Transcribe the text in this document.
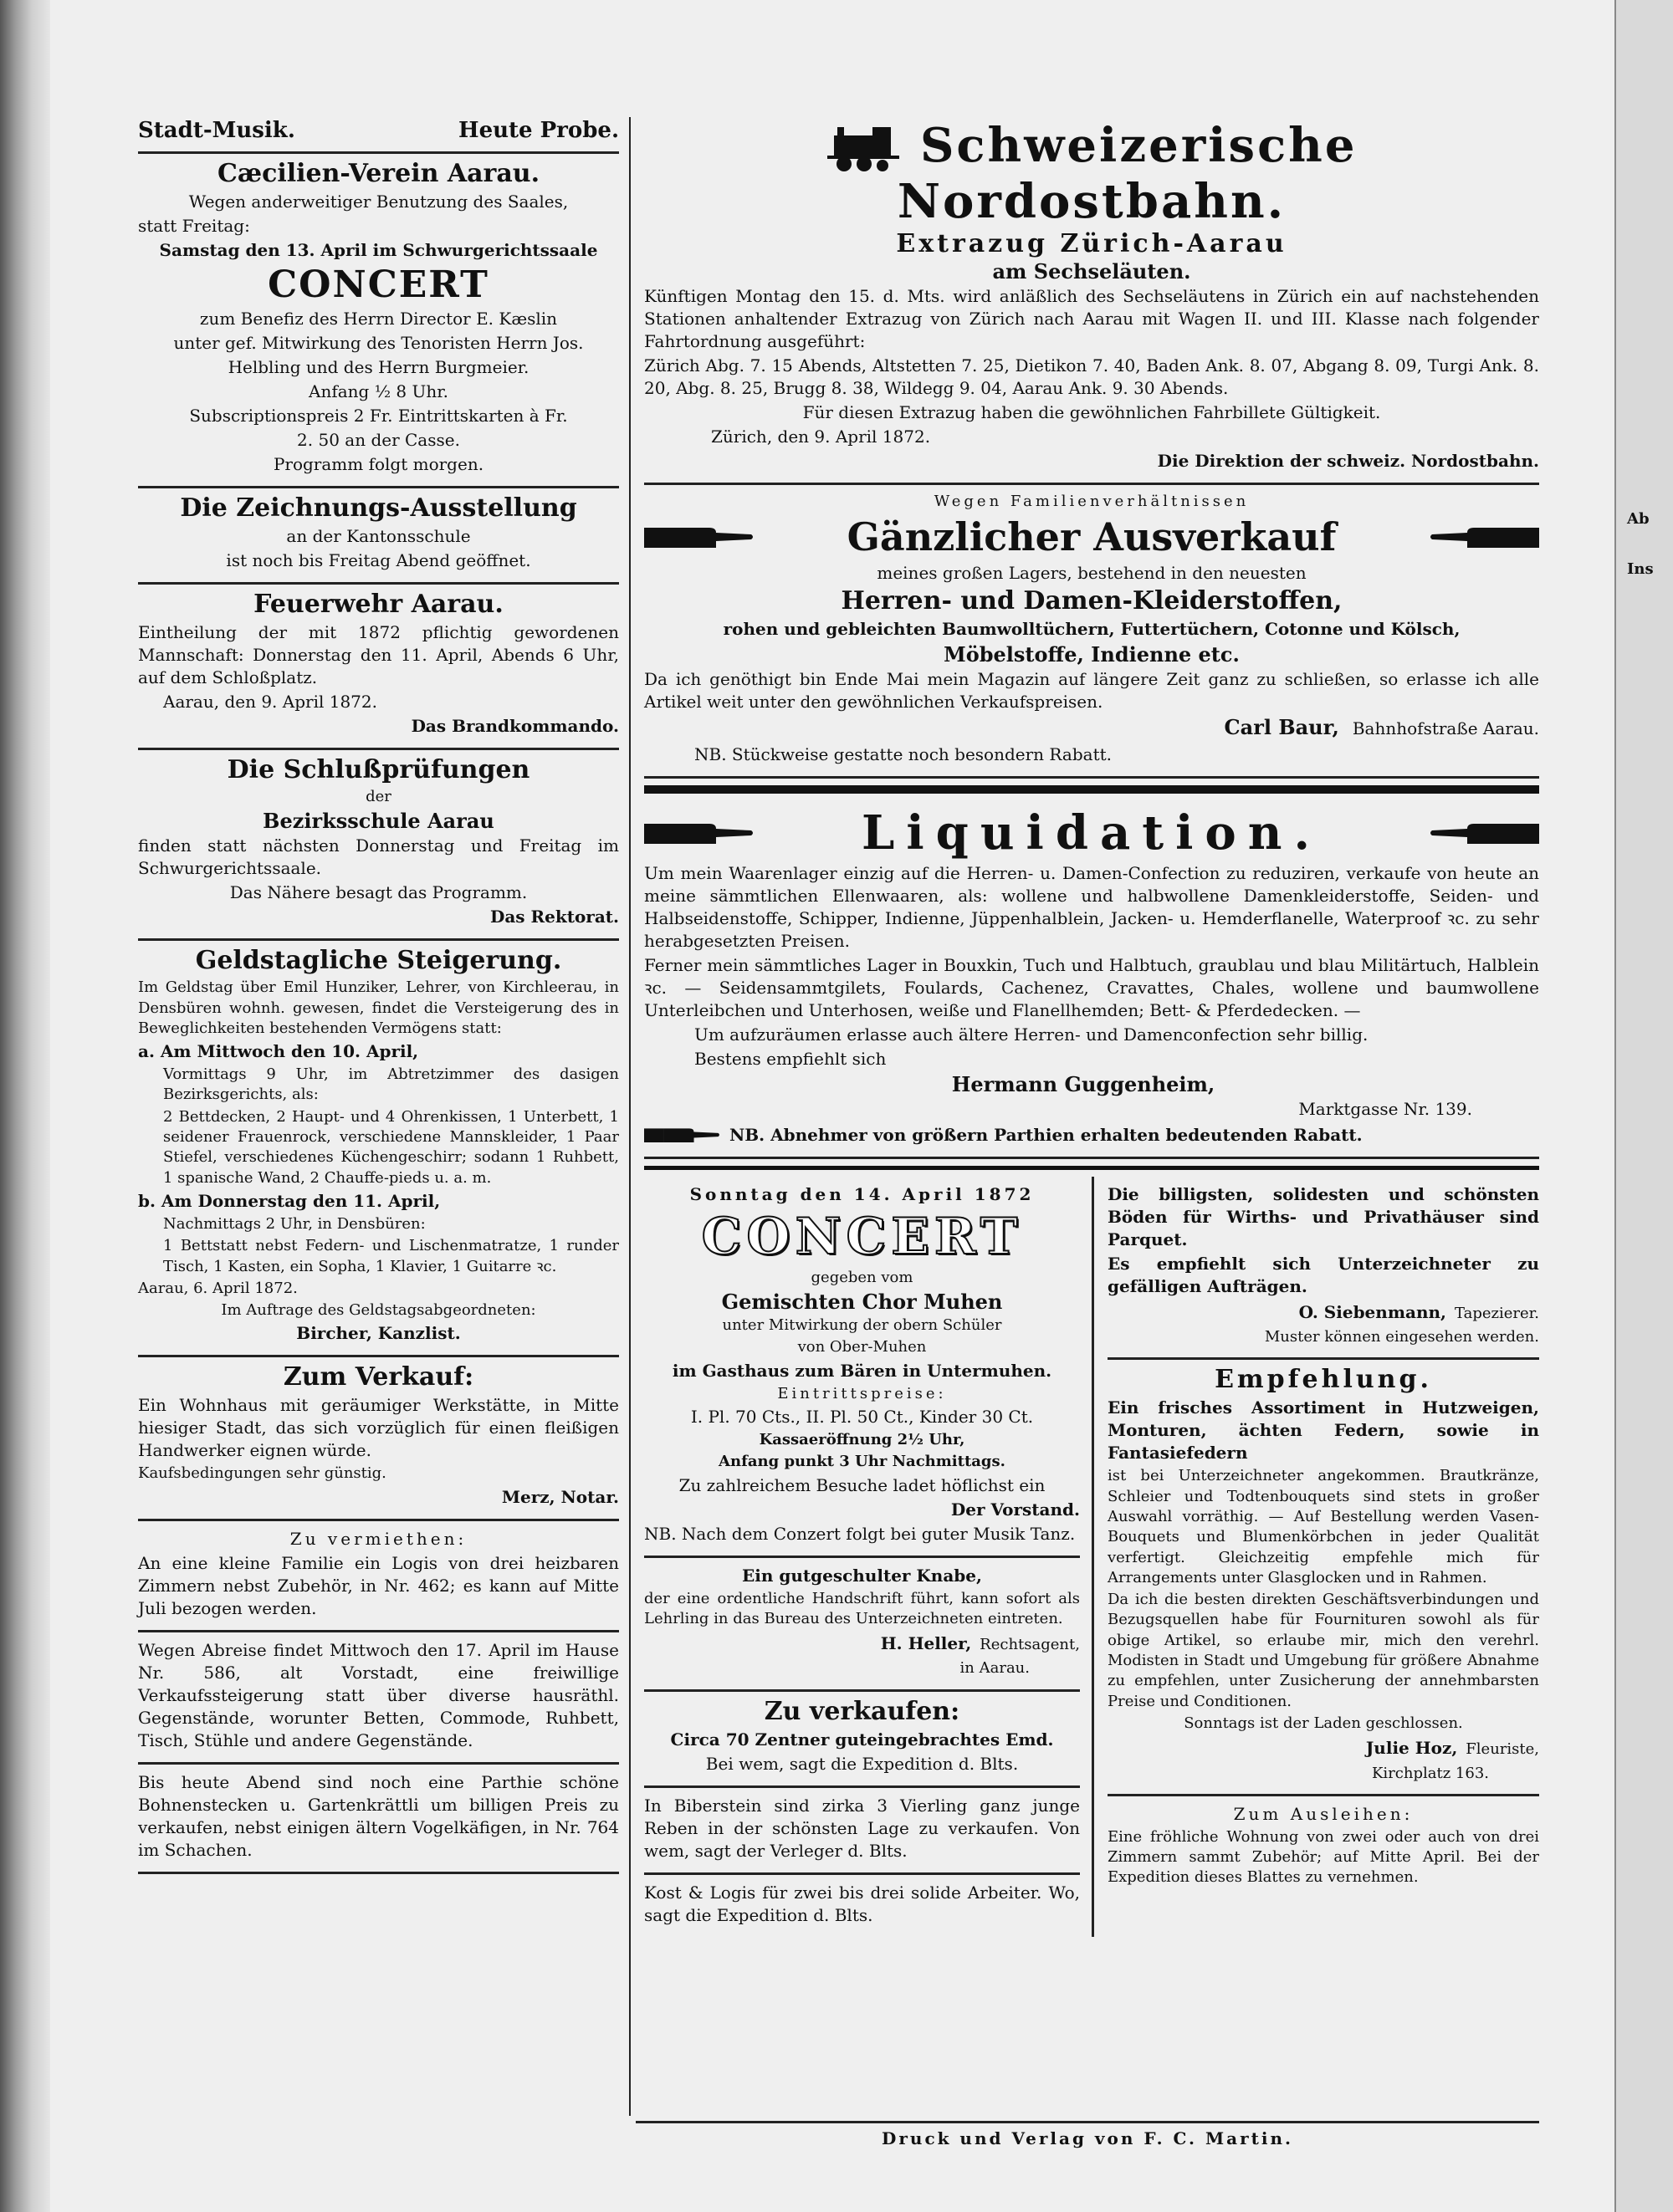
Ab
Ins
Stadt-Musik.	Heute Probe.
Cæcilien-Verein Aarau.
Wegen anderweitiger Benutzung des Saales,
statt Freitag:
Samstag den 13. April im Schwurgerichtssaale
CONCERT
zum Benefiz des Herrn Director E. Kæslin
unter gef. Mitwirkung des Tenoristen Herrn Jos.
Helbling und des Herrn Burgmeier.
Anfang ½ 8 Uhr.
Subscriptionspreis 2 Fr. Eintrittskarten à Fr.
2. 50 an der Casse.
Programm folgt morgen.
Die Zeichnungs-Ausstellung
an der Kantonsschule
ist noch bis Freitag Abend geöffnet.
Feuerwehr Aarau.
Eintheilung der mit 1872 pflichtig gewordenen Mannschaft: Donnerstag den 11. April, Abends 6 Uhr, auf dem Schloßplatz.
Aarau, den 9. April 1872.
Das Brandkommando.
Die Schlußprüfungen
der
Bezirksschule Aarau
finden statt nächsten Donnerstag und Freitag im Schwurgerichtssaale.
Das Nähere besagt das Programm.
Das Rektorat.
Geldstagliche Steigerung.
Im Geldstag über Emil Hunziker, Lehrer, von Kirchleerau, in Densbüren wohnh. gewesen, findet die Versteigerung des in Beweglichkeiten bestehenden Vermögens statt:
a. Am Mittwoch den 10. April,
Vormittags 9 Uhr, im Abtretzimmer des dasigen Bezirksgerichts, als:
2 Bettdecken, 2 Haupt- und 4 Ohrenkissen, 1 Unterbett, 1 seidener Frauenrock, verschiedene Mannskleider, 1 Paar Stiefel, verschiedenes Küchengeschirr; sodann 1 Ruhbett, 1 spanische Wand, 2 Chauffe-pieds u. a. m.
b. Am Donnerstag den 11. April,
Nachmittags 2 Uhr, in Densbüren:
1 Bettstatt nebst Federn- und Lischenmatratze, 1 runder Tisch, 1 Kasten, ein Sopha, 1 Klavier, 1 Guitarre ꝛc.
Aarau, 6. April 1872.
Im Auftrage des Geldstagsabgeordneten:
Bircher, Kanzlist.
Zum Verkauf:
Ein Wohnhaus mit geräumiger Werkstätte, in Mitte hiesiger Stadt, das sich vorzüglich für einen fleißigen Handwerker eignen würde.
Kaufsbedingungen sehr günstig.
Merz, Notar.
Zu vermiethen:
An eine kleine Familie ein Logis von drei heizbaren Zimmern nebst Zubehör, in Nr. 462; es kann auf Mitte Juli bezogen werden.
Wegen Abreise findet Mittwoch den 17. April im Hause Nr. 586, alt Vorstadt, eine freiwillige Verkaufssteigerung statt über diverse hausräthl. Gegenstände, worunter Betten, Commode, Ruhbett, Tisch, Stühle und andere Gegenstände.
Bis heute Abend sind noch eine Parthie schöne Bohnenstecken u. Gartenkrättli um billigen Preis zu verkaufen, nebst einigen ältern Vogelkäfigen, in Nr. 764 im Schachen.
Schweizerische Nordostbahn.
Extrazug Zürich-Aarau
am Sechseläuten.
Künftigen Montag den 15. d. Mts. wird anläßlich des Sechseläutens in Zürich ein auf nachstehenden Stationen anhaltender Extrazug von Zürich nach Aarau mit Wagen II. und III. Klasse nach folgender Fahrtordnung ausgeführt:
Zürich Abg. 7. 15 Abends, Altstetten 7. 25, Dietikon 7. 40, Baden Ank. 8. 07, Abgang 8. 09, Turgi Ank. 8. 20, Abg. 8. 25, Brugg 8. 38, Wildegg 9. 04, Aarau Ank. 9. 30 Abends.
Für diesen Extrazug haben die gewöhnlichen Fahrbillete Gültigkeit.
Zürich, den 9. April 1872.
Die Direktion der schweiz. Nordostbahn.
Wegen Familienverhältnissen
Gänzlicher Ausverkauf
meines großen Lagers, bestehend in den neuesten
Herren- und Damen-Kleiderstoffen,
rohen und gebleichten Baumwolltüchern, Futtertüchern, Cotonne und Kölsch,
Möbelstoffe, Indienne etc.
Da ich genöthigt bin Ende Mai mein Magazin auf längere Zeit ganz zu schließen, so erlasse ich alle Artikel weit unter den gewöhnlichen Verkaufspreisen.
Carl Baur, Bahnhofstraße Aarau.
NB. Stückweise gestatte noch besondern Rabatt.
Liquidation.
Um mein Waarenlager einzig auf die Herren- u. Damen-Confection zu reduziren, verkaufe von heute an meine sämmtlichen Ellenwaaren, als: wollene und halbwollene Damenkleiderstoffe, Seiden- und Halbseidenstoffe, Schipper, Indienne, Jüppenhalblein, Jacken- u. Hemderflanelle, Waterproof ꝛc. zu sehr herabgesetzten Preisen.
Ferner mein sämmtliches Lager in Bouxkin, Tuch und Halbtuch, graublau und blau Militärtuch, Halblein ꝛc. — Seidensammtgilets, Foulards, Cachenez, Cravattes, Chales, wollene und baumwollene Unterleibchen und Unterhosen, weiße und Flanellhemden; Bett- & Pferdedecken. —
Um aufzuräumen erlasse auch ältere Herren- und Damenconfection sehr billig.
Bestens empfiehlt sich
Hermann Guggenheim,
Marktgasse Nr. 139.
NB. Abnehmer von größern Parthien erhalten bedeutenden Rabatt.
Sonntag den 14. April 1872
CONCERT
gegeben vom
Gemischten Chor Muhen
unter Mitwirkung der obern Schüler
von Ober-Muhen
im Gasthaus zum Bären in Untermuhen.
Eintrittspreise:
I. Pl. 70 Cts., II. Pl. 50 Ct., Kinder 30 Ct.
Kassaeröffnung 2½ Uhr,
Anfang punkt 3 Uhr Nachmittags.
Zu zahlreichem Besuche ladet höflichst ein
Der Vorstand.
NB. Nach dem Conzert folgt bei guter Musik Tanz.
Ein gutgeschulter Knabe,
der eine ordentliche Handschrift führt, kann sofort als Lehrling in das Bureau des Unterzeichneten eintreten.
H. Heller, Rechtsagent,
in Aarau.
Zu verkaufen:
Circa 70 Zentner guteingebrachtes Emd.
Bei wem, sagt die Expedition d. Blts.
In Biberstein sind zirka 3 Vierling ganz junge Reben in der schönsten Lage zu verkaufen. Von wem, sagt der Verleger d. Blts.
Kost & Logis für zwei bis drei solide Arbeiter. Wo, sagt die Expedition d. Blts.
Die billigsten, solidesten und schönsten Böden für Wirths- und Privathäuser sind Parquet.
Es empfiehlt sich Unterzeichneter zu gefälligen Aufträgen.
O. Siebenmann, Tapezierer.
Muster können eingesehen werden.
Empfehlung.
Ein frisches Assortiment in Hutzweigen, Monturen, ächten Federn, sowie in Fantasiefedern
ist bei Unterzeichneter angekommen. Brautkränze, Schleier und Todtenbouquets sind stets in großer Auswahl vorräthig. — Auf Bestellung werden Vasen-Bouquets und Blumenkörbchen in jeder Qualität verfertigt. Gleichzeitig empfehle mich für Arrangements unter Glasglocken und in Rahmen.
Da ich die besten direkten Geschäftsverbindungen und Bezugsquellen habe für Fournituren sowohl als für obige Artikel, so erlaube mir, mich den verehrl. Modisten in Stadt und Umgebung für größere Abnahme zu empfehlen, unter Zusicherung der annehmbarsten Preise und Conditionen.
Sonntags ist der Laden geschlossen.
Julie Hoz, Fleuriste,
Kirchplatz 163.
Zum Ausleihen:
Eine fröhliche Wohnung von zwei oder auch von drei Zimmern sammt Zubehör; auf Mitte April. Bei der Expedition dieses Blattes zu vernehmen.
Druck und Verlag von F. C. Martin.
